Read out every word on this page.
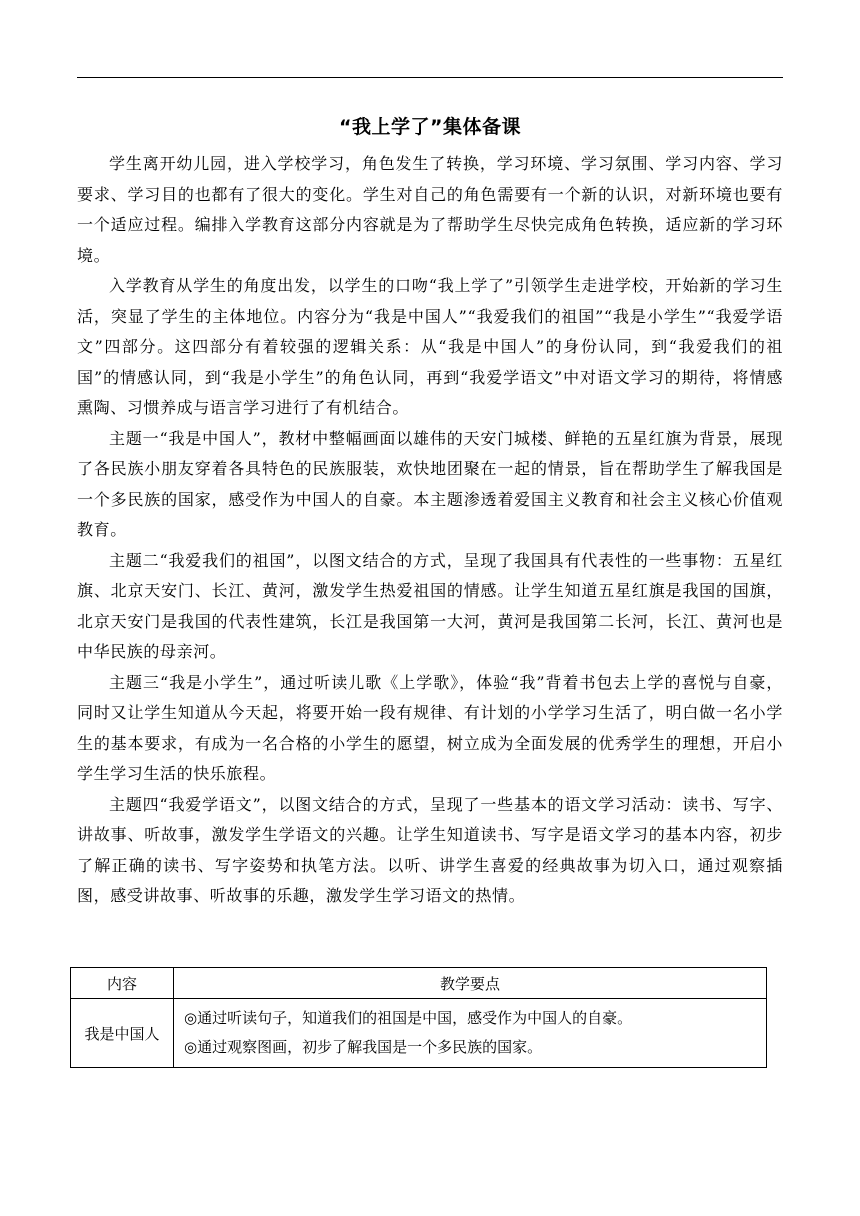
“我上学了”集体备课

学生离开幼儿园，进入学校学习，角色发生了转换，学习环境、学习氛围、学习内容、学习要求、学习目的也都有了很大的变化。学生对自己的角色需要有一个新的认识，对新环境也要有一个适应过程。编排入学教育这部分内容就是为了帮助学生尽快完成角色转换，适应新的学习环境。

入学教育从学生的角度出发，以学生的口吻“我上学了”引领学生走进学校，开始新的学习生活，突显了学生的主体地位。内容分为“我是中国人”“我爱我们的祖国”“我是小学生”“我爱学语文”四部分。这四部分有着较强的逻辑关系：从“我是中国人”的身份认同，到“我爱我们的祖国”的情感认同，到“我是小学生”的角色认同，再到“我爱学语文”中对语文学习的期待，将情感熏陶、习惯养成与语言学习进行了有机结合。

主题一“我是中国人”，教材中整幅画面以雄伟的天安门城楼、鲜艳的五星红旗为背景，展现了各民族小朋友穿着各具特色的民族服装，欢快地团聚在一起的情景，旨在帮助学生了解我国是一个多民族的国家，感受作为中国人的自豪。本主题渗透着爱国主义教育和社会主义核心价值观教育。

主题二“我爱我们的祖国”，以图文结合的方式，呈现了我国具有代表性的一些事物：五星红旗、北京天安门、长江、黄河，激发学生热爱祖国的情感。让学生知道五星红旗是我国的国旗，北京天安门是我国的代表性建筑，长江是我国第一大河，黄河是我国第二长河，长江、黄河也是中华民族的母亲河。

主题三“我是小学生”，通过听读儿歌《上学歌》，体验“我”背着书包去上学的喜悦与自豪，同时又让学生知道从今天起，将要开始一段有规律、有计划的小学学习生活了，明白做一名小学生的基本要求，有成为一名合格的小学生的愿望，树立成为全面发展的优秀学生的理想，开启小学生学习生活的快乐旅程。

主题四“我爱学语文”，以图文结合的方式，呈现了一些基本的语文学习活动：读书、写字、讲故事、听故事，激发学生学语文的兴趣。让学生知道读书、写字是语文学习的基本内容，初步了解正确的读书、写字姿势和执笔方法。以听、讲学生喜爱的经典故事为切入口，通过观察插图，感受讲故事、听故事的乐趣，激发学生学习语文的热情。

内容	教学要点
我是中国人	◎通过听读句子，知道我们的祖国是中国，感受作为中国人的自豪。
◎通过观察图画，初步了解我国是一个多民族的国家。
